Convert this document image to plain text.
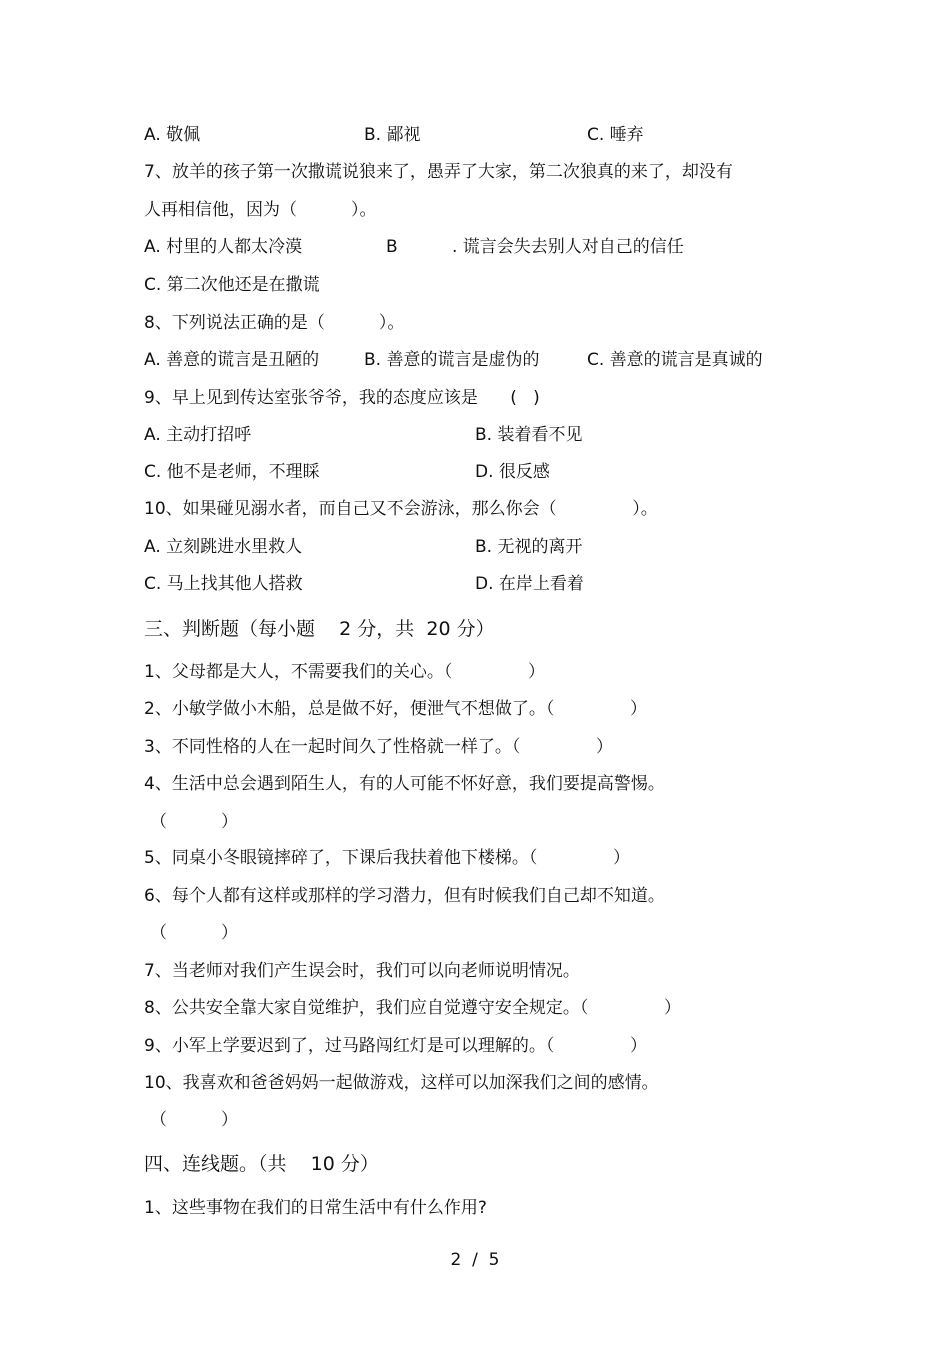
A. 敬佩	B. 鄙视	C. 唾弃
7、放羊的孩子第一次撒谎说狼来了，愚弄了大家，第二次狼真的来了，却没有
人再相信他，因为（          ）。
A. 村里的人都太冷漠	B	. 谎言会失去别人对自己的信任
C. 第二次他还是在撒谎
8、下列说法正确的是（          ）。
A. 善意的谎言是丑陋的	B. 善意的谎言是虚伪的	C. 善意的谎言是真诚的
9、早上见到传达室张爷爷，我的态度应该是      (   )
A. 主动打招呼	B. 装着看不见
C. 他不是老师，不理睬	D. 很反感
10、如果碰见溺水者，而自己又不会游泳，那么你会（              ）。
A. 立刻跳进水里救人	B. 无视的离开
C. 马上找其他人搭救	D. 在岸上看着
三、判断题（每小题    2 分，共  20 分）
1、父母都是大人，不需要我们的关心。（              ）
2、小敏学做小木船，总是做不好，便泄气不想做了。（              ）
3、不同性格的人在一起时间久了性格就一样了。（              ）
4、生活中总会遇到陌生人，有的人可能不怀好意，我们要提高警惕。
（          ）
5、同桌小冬眼镜摔碎了，下课后我扶着他下楼梯。（              ）
6、每个人都有这样或那样的学习潜力，但有时候我们自己却不知道。
（          ）
7、当老师对我们产生误会时，我们可以向老师说明情况。
8、公共安全靠大家自觉维护，我们应自觉遵守安全规定。（              ）
9、小军上学要迟到了，过马路闯红灯是可以理解的。（              ）
10、我喜欢和爸爸妈妈一起做游戏，这样可以加深我们之间的感情。
（          ）
四、连线题。（共    10 分）
1、这些事物在我们的日常生活中有什么作用?
2  /  5
